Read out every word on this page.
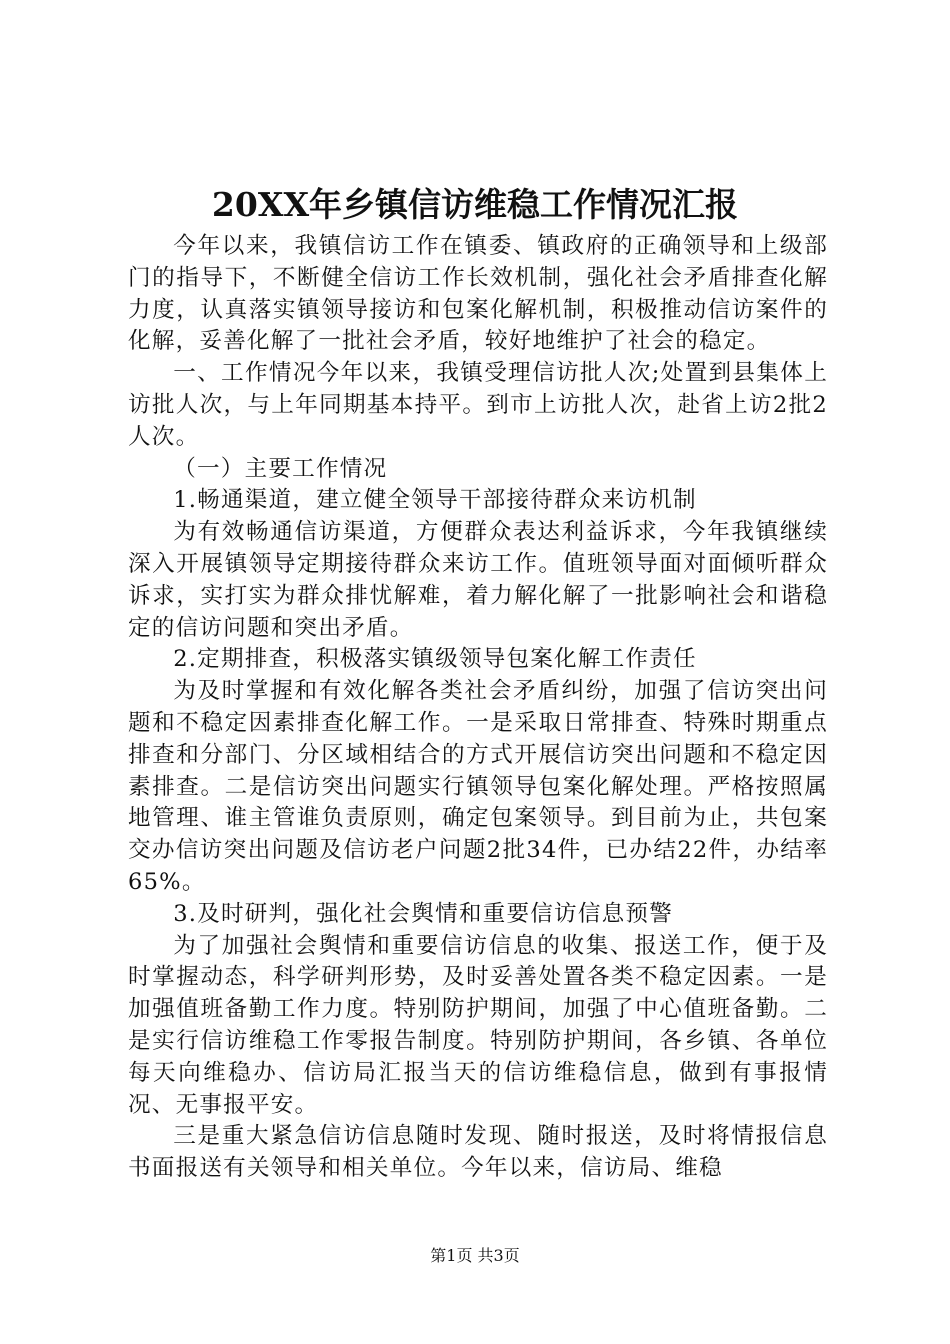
20XX年乡镇信访维稳工作情况汇报

今年以来，我镇信访工作在镇委、镇政府的正确领导和上级部门的指导下，不断健全信访工作长效机制，强化社会矛盾排查化解力度，认真落实镇领导接访和包案化解机制，积极推动信访案件的化解，妥善化解了一批社会矛盾，较好地维护了社会的稳定。

一、工作情况今年以来，我镇受理信访批人次;处置到县集体上访批人次，与上年同期基本持平。到市上访批人次，赴省上访2批2人次。

（一）主要工作情况

1.畅通渠道，建立健全领导干部接待群众来访机制

为有效畅通信访渠道，方便群众表达利益诉求，今年我镇继续深入开展镇领导定期接待群众来访工作。值班领导面对面倾听群众诉求，实打实为群众排忧解难，着力解化解了一批影响社会和谐稳定的信访问题和突出矛盾。

2.定期排查，积极落实镇级领导包案化解工作责任

为及时掌握和有效化解各类社会矛盾纠纷，加强了信访突出问题和不稳定因素排查化解工作。一是采取日常排查、特殊时期重点排查和分部门、分区域相结合的方式开展信访突出问题和不稳定因素排查。二是信访突出问题实行镇领导包案化解处理。严格按照属地管理、谁主管谁负责原则，确定包案领导。到目前为止，共包案交办信访突出问题及信访老户问题2批34件，已办结22件，办结率65%。

3.及时研判，强化社会舆情和重要信访信息预警

为了加强社会舆情和重要信访信息的收集、报送工作，便于及时掌握动态，科学研判形势，及时妥善处置各类不稳定因素。一是加强值班备勤工作力度。特别防护期间，加强了中心值班备勤。二是实行信访维稳工作零报告制度。特别防护期间，各乡镇、各单位每天向维稳办、信访局汇报当天的信访维稳信息，做到有事报情况、无事报平安。

三是重大紧急信访信息随时发现、随时报送，及时将情报信息书面报送有关领导和相关单位。今年以来，信访局、维稳

第1页 共3页
